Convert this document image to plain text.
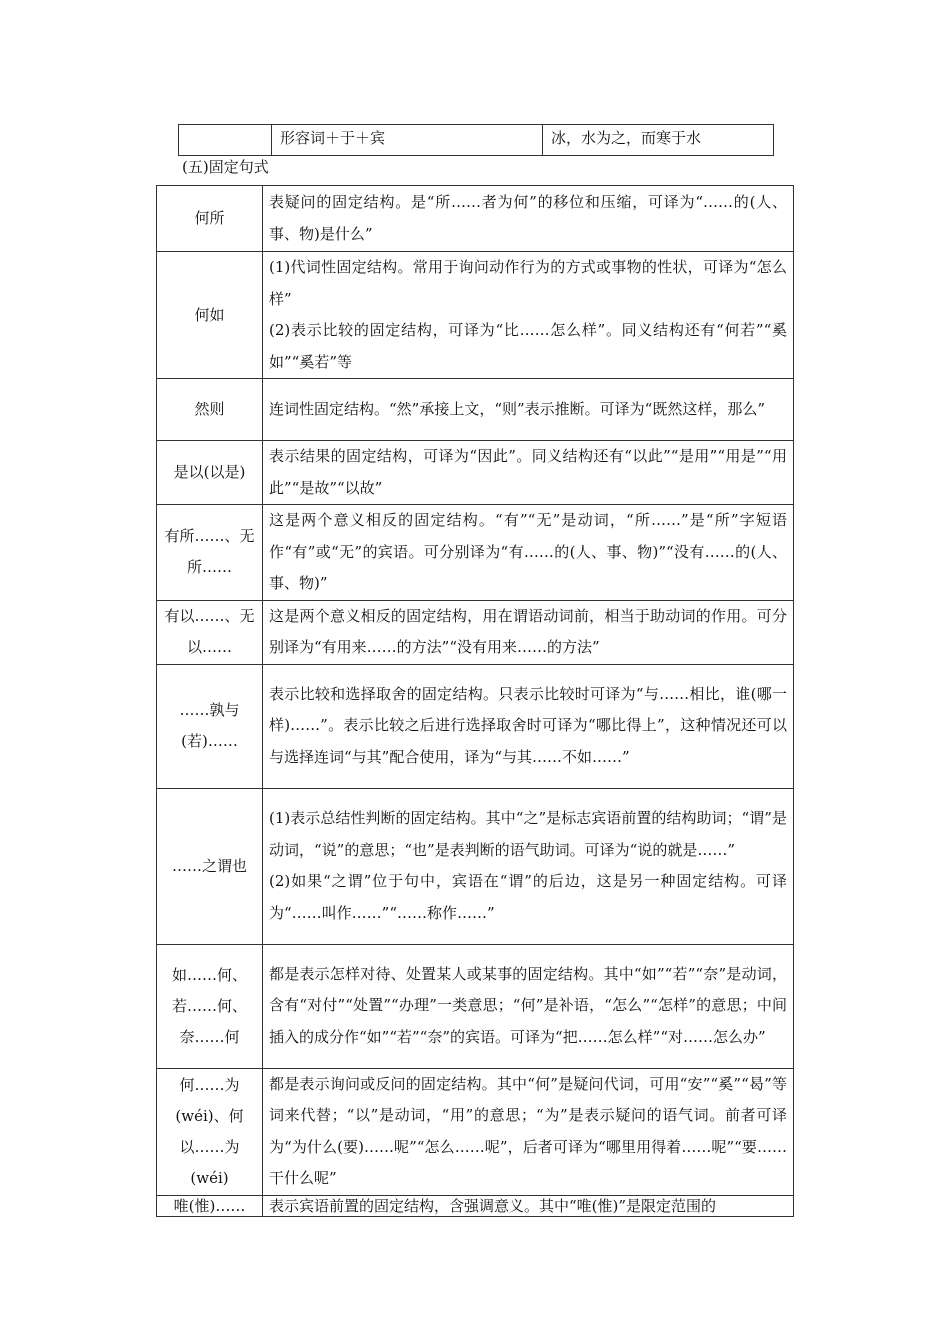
	形容词＋于＋宾	冰，水为之，而寒于水
(五)固定句式
何所	表疑问的固定结构。是“所……者为何”的移位和压缩，可译为“……的(人、事、物)是什么”
何如	(1)代词性固定结构。常用于询问动作行为的方式或事物的性状，可译为“怎么样”
(2)表示比较的固定结构，可译为“比……怎么样”。同义结构还有“何若”“奚如”“奚若”等

然则	连词性固定结构。“然”承接上文，“则”表示推断。可译为“既然这样，那么”
是以(以是)	表示结果的固定结构，可译为“因此”。同义结构还有“以此”“是用”“用是”“用此”“是故”“以故”
有所……、无所……	这是两个意义相反的固定结构。“有”“无”是动词，“所……”是“所”字短语作“有”或“无”的宾语。可分别译为“有……的(人、事、物)”“没有……的(人、事、物)”
有以……、无以……	这是两个意义相反的固定结构，用在谓语动词前，相当于助动词的作用。可分别译为“有用来……的方法”“没有用来……的方法”
……孰与(若)……	表示比较和选择取舍的固定结构。只表示比较时可译为“与……相比，谁(哪一样)……”。表示比较之后进行选择取舍时可译为“哪比得上”，这种情况还可以与选择连词“与其”配合使用，译为“与其……不如……”
……之谓也	(1)表示总结性判断的固定结构。其中“之”是标志宾语前置的结构助词；“谓”是动词，“说”的意思；“也”是表判断的语气助词。可译为“说的就是……”
(2)如果“之谓”位于句中，宾语在“谓”的后边，这是另一种固定结构。可译为“……叫作……”“……称作……”

如……何、若……何、奈……何	都是表示怎样对待、处置某人或某事的固定结构。其中“如”“若”“奈”是动词，含有“对付”“处置”“办理”一类意思；“何”是补语，“怎么”“怎样”的意思；中间插入的成分作“如”“若”“奈”的宾语。可译为“把……怎么样”“对……怎么办”
何……为(wéi)、何以……为(wéi)	都是表示询问或反问的固定结构。其中“何”是疑问代词，可用“安”“奚”“曷”等词来代替；“以”是动词，“用”的意思；“为”是表示疑问的语气词。前者可译为“为什么(要)……呢”“怎么……呢”，后者可译为“哪里用得着……呢”“要……干什么呢”
唯(惟)……	表示宾语前置的固定结构，含强调意义。其中“唯(惟)”是限定范围的
